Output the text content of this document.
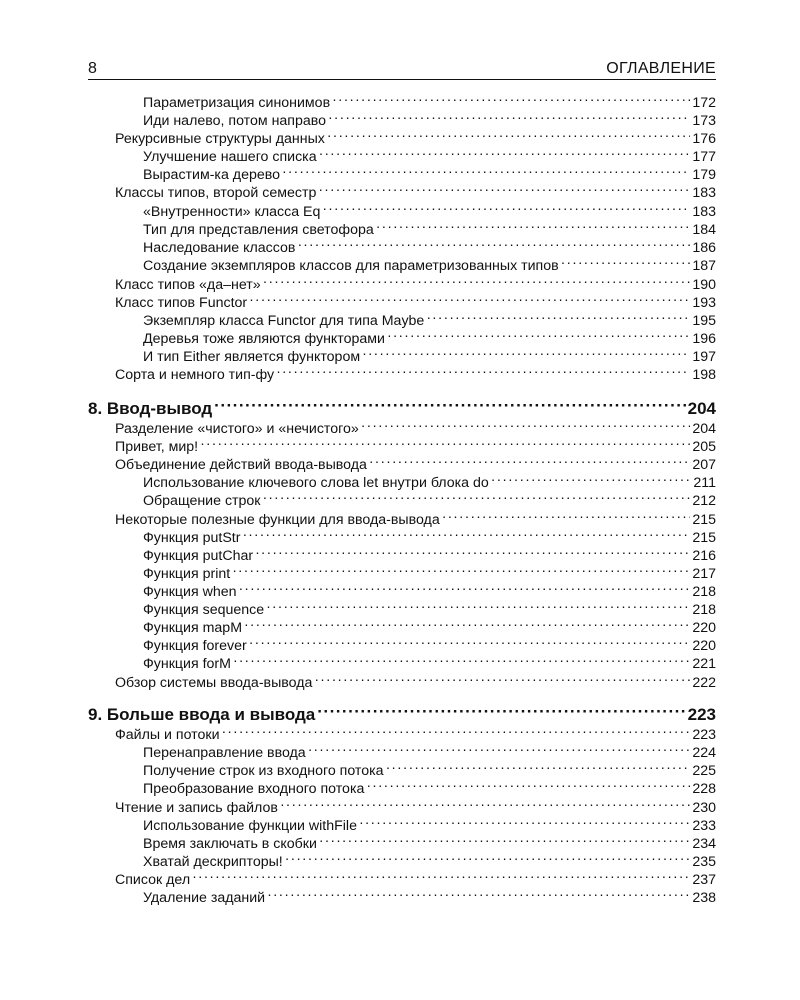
8	ОГЛАВЛЕНИЕ
Параметризация синонимов ·····	172
Иди налево, потом направо ·····	173
Рекурсивные структуры данных ·····	176
Улучшение нашего списка ·····	177
Вырастим-ка дерево ·····	179
Классы типов, второй семестр ·····	183
«Внутренности» класса Eq ·····	183
Тип для представления светофора ·····	184
Наследование классов ·····	186
Создание экземпляров классов для параметризованных типов ·····	187
Класс типов «да–нет» ·····	190
Класс типов Functor ·····	193
Экземпляр класса Functor для типа Maybe ·····	195
Деревья тоже являются функторами ·····	196
И тип Either является функтором ·····	197
Сорта и немного тип-фу ·····	198
8. Ввод-вывод ·····	204
Разделение «чистого» и «нечистого» ·····	204
Привет, мир! ·····	205
Объединение действий ввода-вывода ·····	207
Использование ключевого слова let внутри блока do ·····	211
Обращение строк ·····	212
Некоторые полезные функции для ввода-вывода ·····	215
Функция putStr ·····	215
Функция putChar ·····	216
Функция print ·····	217
Функция when ·····	218
Функция sequence ·····	218
Функция mapM ·····	220
Функция forever ·····	220
Функция forM ·····	221
Обзор системы ввода-вывода ·····	222
9. Больше ввода и вывода ·····	223
Файлы и потоки ·····	223
Перенаправление ввода ·····	224
Получение строк из входного потока ·····	225
Преобразование входного потока ·····	228
Чтение и запись файлов ·····	230
Использование функции withFile ·····	233
Время заключать в скобки ·····	234
Хватай дескрипторы! ·····	235
Список дел ·····	237
Удаление заданий ·····	238
